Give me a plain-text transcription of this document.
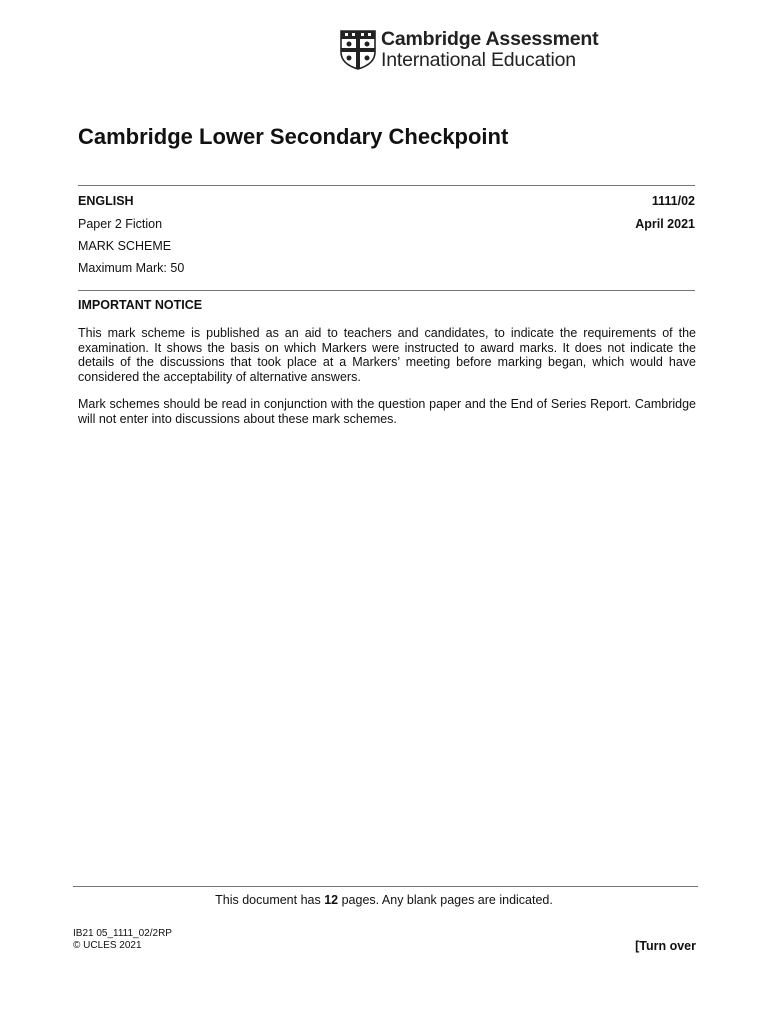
Cambridge Assessment
International Education
Cambridge Lower Secondary Checkpoint
ENGLISH	1111/02
Paper 2 Fiction	April 2021
MARK SCHEME
Maximum Mark: 50
IMPORTANT NOTICE
This mark scheme is published as an aid to teachers and candidates, to indicate the requirements of the examination. It shows the basis on which Markers were instructed to award marks. It does not indicate the details of the discussions that took place at a Markers’ meeting before marking began, which would have considered the acceptability of alternative answers.
Mark schemes should be read in conjunction with the question paper and the End of Series Report. Cambridge will not enter into discussions about these mark schemes.
This document has 12 pages. Any blank pages are indicated.
IB21 05_1111_02/2RP
© UCLES 2021	[Turn over
